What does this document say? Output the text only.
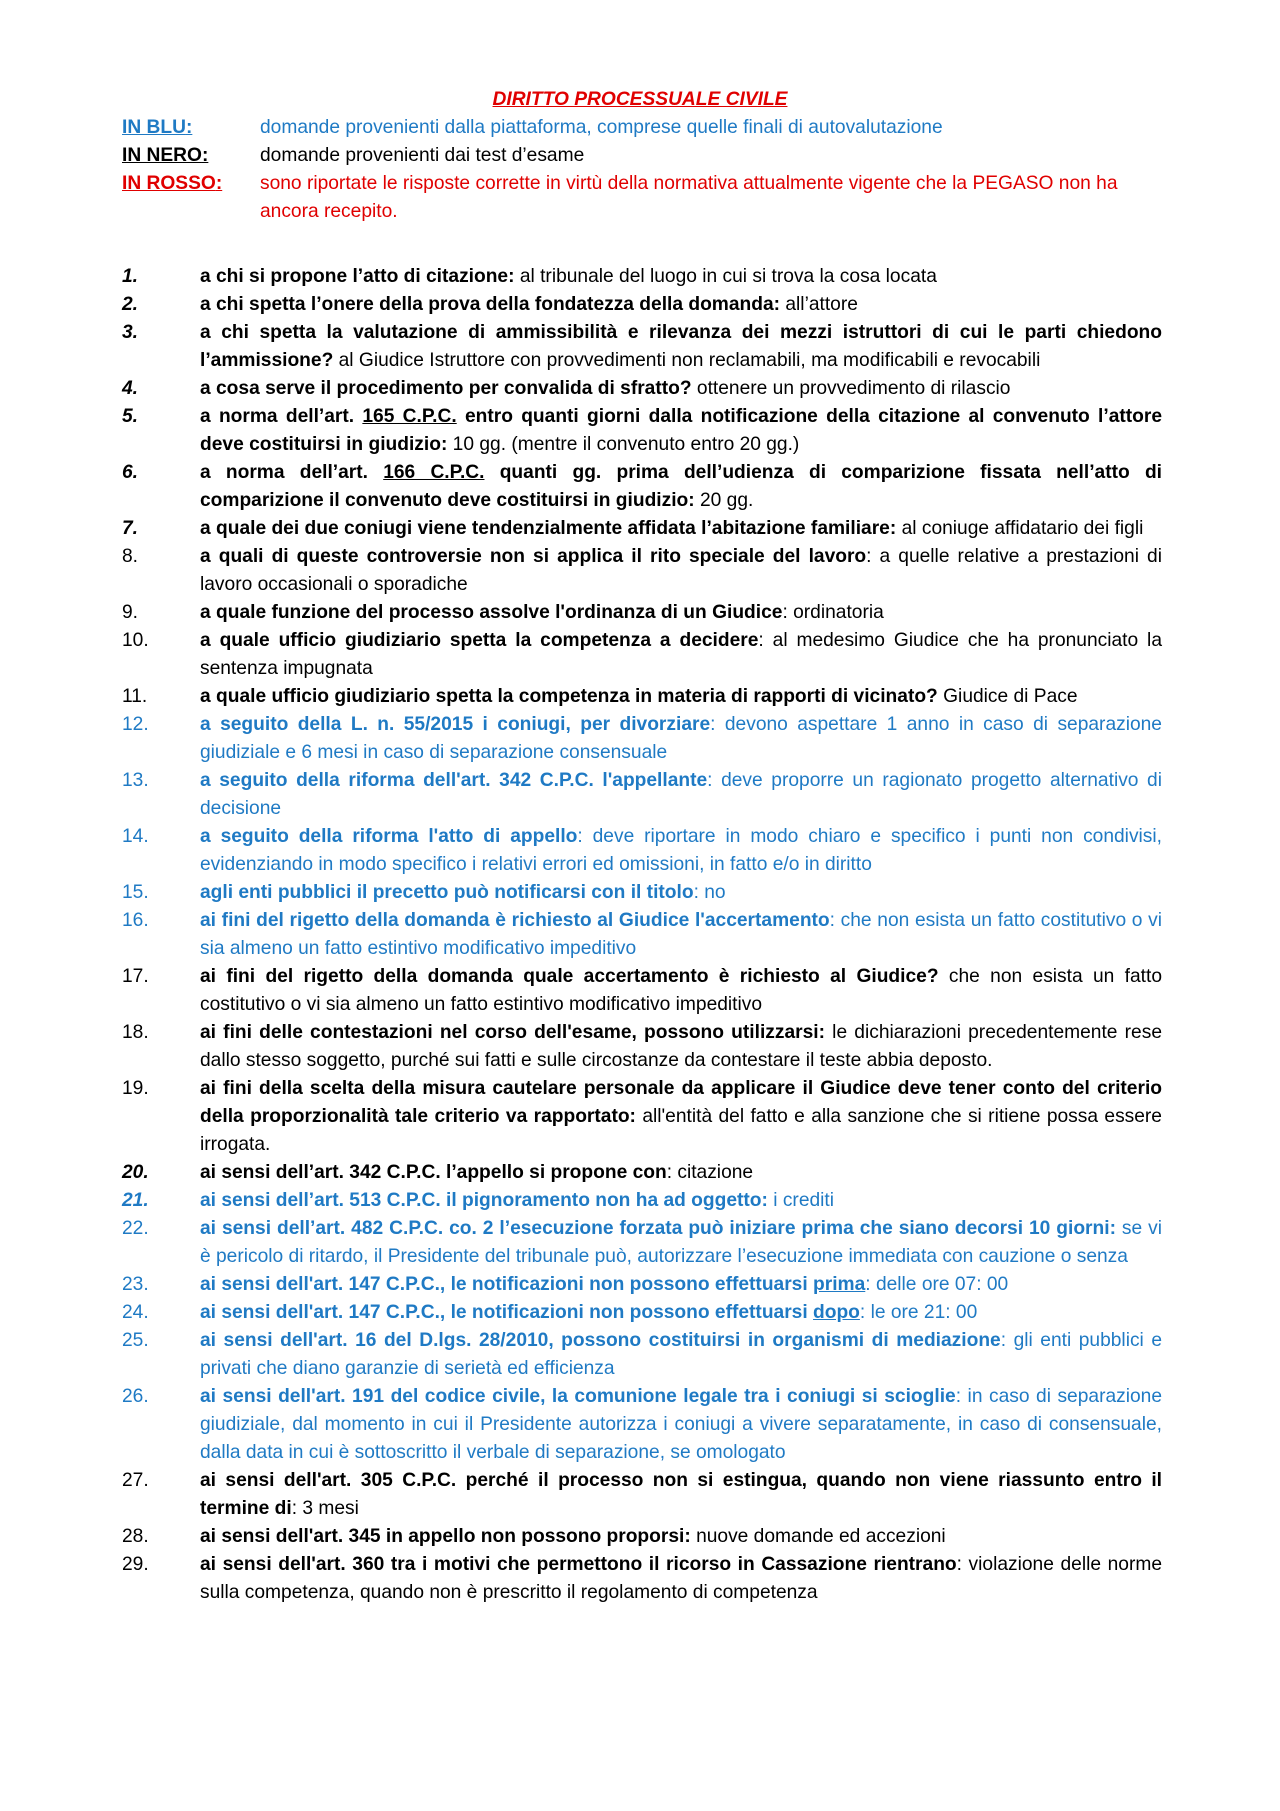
DIRITTO PROCESSUALE CIVILE
IN BLU:	domande provenienti dalla piattaforma, comprese quelle finali di autovalutazione
IN NERO:	domande provenienti dai test d’esame
IN ROSSO:	sono riportate le risposte corrette in virtù della normativa attualmente vigente che la PEGASO non ha ancora recepito.
1.	a chi si propone l’atto di citazione: al tribunale del luogo in cui si trova la cosa locata
2.	a chi spetta l’onere della prova della fondatezza della domanda: all’attore
3.	a chi spetta la valutazione di ammissibilità e rilevanza dei mezzi istruttori di cui le parti chiedono l’ammissione? al Giudice Istruttore con provvedimenti non reclamabili, ma modificabili e revocabili
4.	a cosa serve il procedimento per convalida di sfratto? ottenere un provvedimento di rilascio
5.	a norma dell’art. 165 C.P.C. entro quanti giorni dalla notificazione della citazione al convenuto l’attore deve costituirsi in giudizio: 10 gg. (mentre il convenuto entro 20 gg.)
6.	a norma dell’art. 166 C.P.C. quanti gg. prima dell’udienza di comparizione fissata nell’atto di comparizione il convenuto deve costituirsi in giudizio: 20 gg.
7.	a quale dei due coniugi viene tendenzialmente affidata l’abitazione familiare: al coniuge affidatario dei figli
8.	a quali di queste controversie non si applica il rito speciale del lavoro: a quelle relative a prestazioni di lavoro occasionali o sporadiche
9.	a quale funzione del processo assolve l'ordinanza di un Giudice: ordinatoria
10.	a quale ufficio giudiziario spetta la competenza a decidere: al medesimo Giudice che ha pronunciato la sentenza impugnata
11.	a quale ufficio giudiziario spetta la competenza in materia di rapporti di vicinato? Giudice di Pace
12.	a seguito della L. n. 55/2015 i coniugi, per divorziare: devono aspettare 1 anno in caso di separazione giudiziale e 6 mesi in caso di separazione consensuale
13.	a seguito della riforma dell'art. 342 C.P.C. l'appellante: deve proporre un ragionato progetto alternativo di decisione
14.	a seguito della riforma l'atto di appello: deve riportare in modo chiaro e specifico i punti non condivisi, evidenziando in modo specifico i relativi errori ed omissioni, in fatto e/o in diritto
15.	agli enti pubblici il precetto può notificarsi con il titolo: no
16.	ai fini del rigetto della domanda è richiesto al Giudice l'accertamento: che non esista un fatto costitutivo o vi sia almeno un fatto estintivo modificativo impeditivo
17.	ai fini del rigetto della domanda quale accertamento è richiesto al Giudice? che non esista un fatto costitutivo o vi sia almeno un fatto estintivo modificativo impeditivo
18.	ai fini delle contestazioni nel corso dell'esame, possono utilizzarsi: le dichiarazioni precedentemente rese dallo stesso soggetto, purché sui fatti e sulle circostanze da contestare il teste abbia deposto.
19.	ai fini della scelta della misura cautelare personale da applicare il Giudice deve tener conto del criterio della proporzionalità tale criterio va rapportato: all'entità del fatto e alla sanzione che si ritiene possa essere irrogata.
20.	ai sensi dell’art. 342 C.P.C. l’appello si propone con: citazione
21.	ai sensi dell’art. 513 C.P.C. il pignoramento non ha ad oggetto: i crediti
22.	ai sensi dell’art. 482 C.P.C. co. 2 l’esecuzione forzata può iniziare prima che siano decorsi 10 giorni: se vi è pericolo di ritardo, il Presidente del tribunale può, autorizzare l’esecuzione immediata con cauzione o senza
23.	ai sensi dell'art. 147 C.P.C., le notificazioni non possono effettuarsi prima: delle ore 07: 00
24.	ai sensi dell'art. 147 C.P.C., le notificazioni non possono effettuarsi dopo: le ore 21: 00
25.	ai sensi dell'art. 16 del D.lgs. 28/2010, possono costituirsi in organismi di mediazione: gli enti pubblici e privati che diano garanzie di serietà ed efficienza
26.	ai sensi dell'art. 191 del codice civile, la comunione legale tra i coniugi si scioglie: in caso di separazione giudiziale, dal momento in cui il Presidente autorizza i coniugi a vivere separatamente, in caso di consensuale, dalla data in cui è sottoscritto il verbale di separazione, se omologato
27.	ai sensi dell'art. 305 C.P.C. perché il processo non si estingua, quando non viene riassunto entro il termine di: 3 mesi
28.	ai sensi dell'art. 345 in appello non possono proporsi: nuove domande ed accezioni
29.	ai sensi dell'art. 360 tra i motivi che permettono il ricorso in Cassazione rientrano: violazione delle norme sulla competenza, quando non è prescritto il regolamento di competenza
